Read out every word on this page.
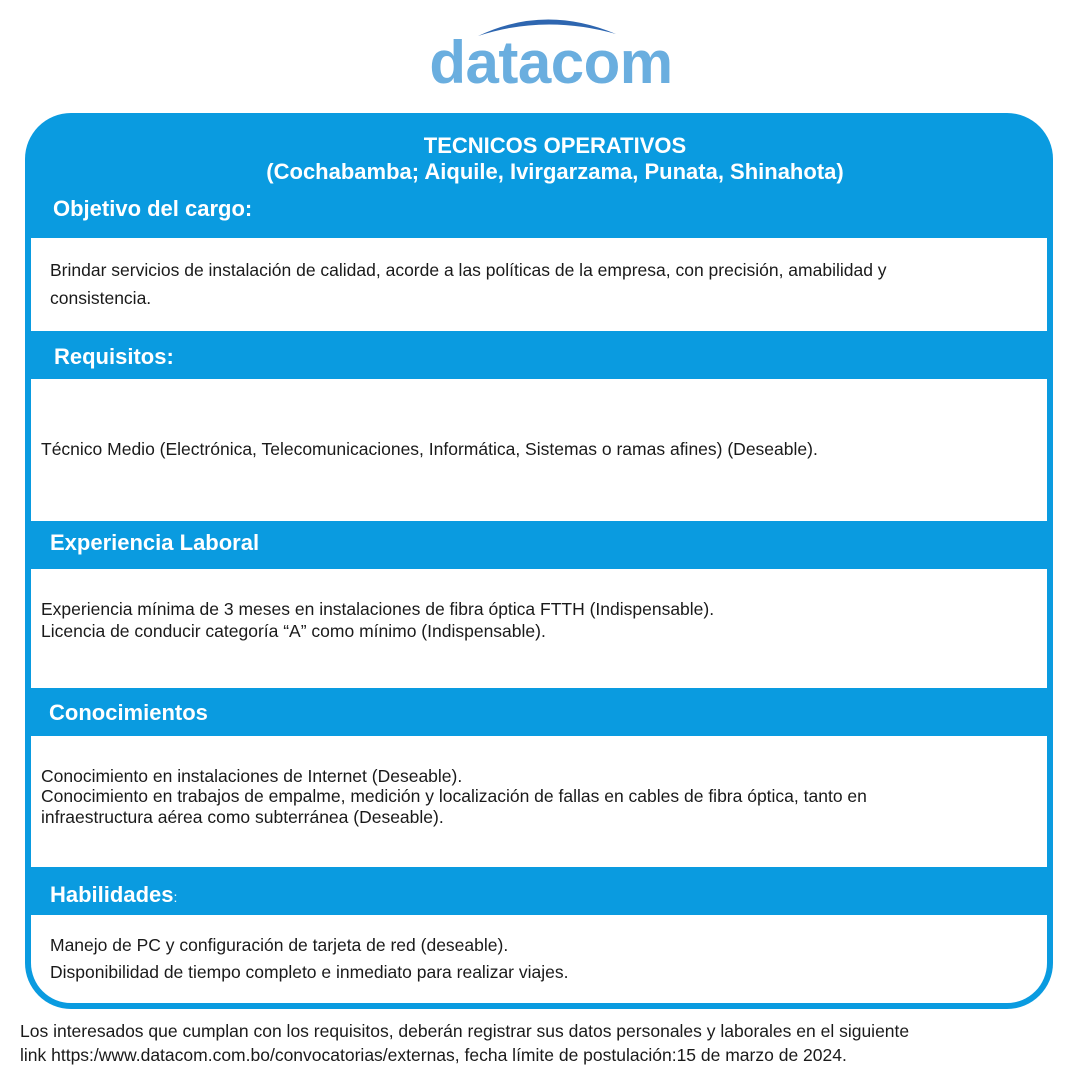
datacom
TECNICOS OPERATIVOS
(Cochabamba; Aiquile, Ivirgarzama, Punata, Shinahota)
Objetivo del cargo:

Brindar servicios de instalación de calidad, acorde a las políticas de la empresa, con precisión, amabilidad y

consistencia.

Requisitos:

Técnico Medio (Electrónica, Telecomunicaciones, Informática, Sistemas o ramas afines) (Deseable).

Experiencia Laboral

Experiencia mínima de 3 meses en instalaciones de fibra óptica FTTH (Indispensable).

Licencia de conducir categoría “A” como mínimo (Indispensable).

Conocimientos

Conocimiento en instalaciones de Internet (Deseable).

Conocimiento en trabajos de empalme, medición y localización de fallas en cables de fibra óptica, tanto en

infraestructura aérea como subterránea (Deseable).

Habilidades:

Manejo de PC y configuración de tarjeta de red (deseable).

Disponibilidad de tiempo completo e inmediato para realizar viajes.

Los interesados que cumplan con los requisitos, deberán registrar sus datos personales y laborales en el siguiente
link https:/www.datacom.com.bo/convocatorias/externas, fecha límite de postulación:15 de marzo de 2024.
